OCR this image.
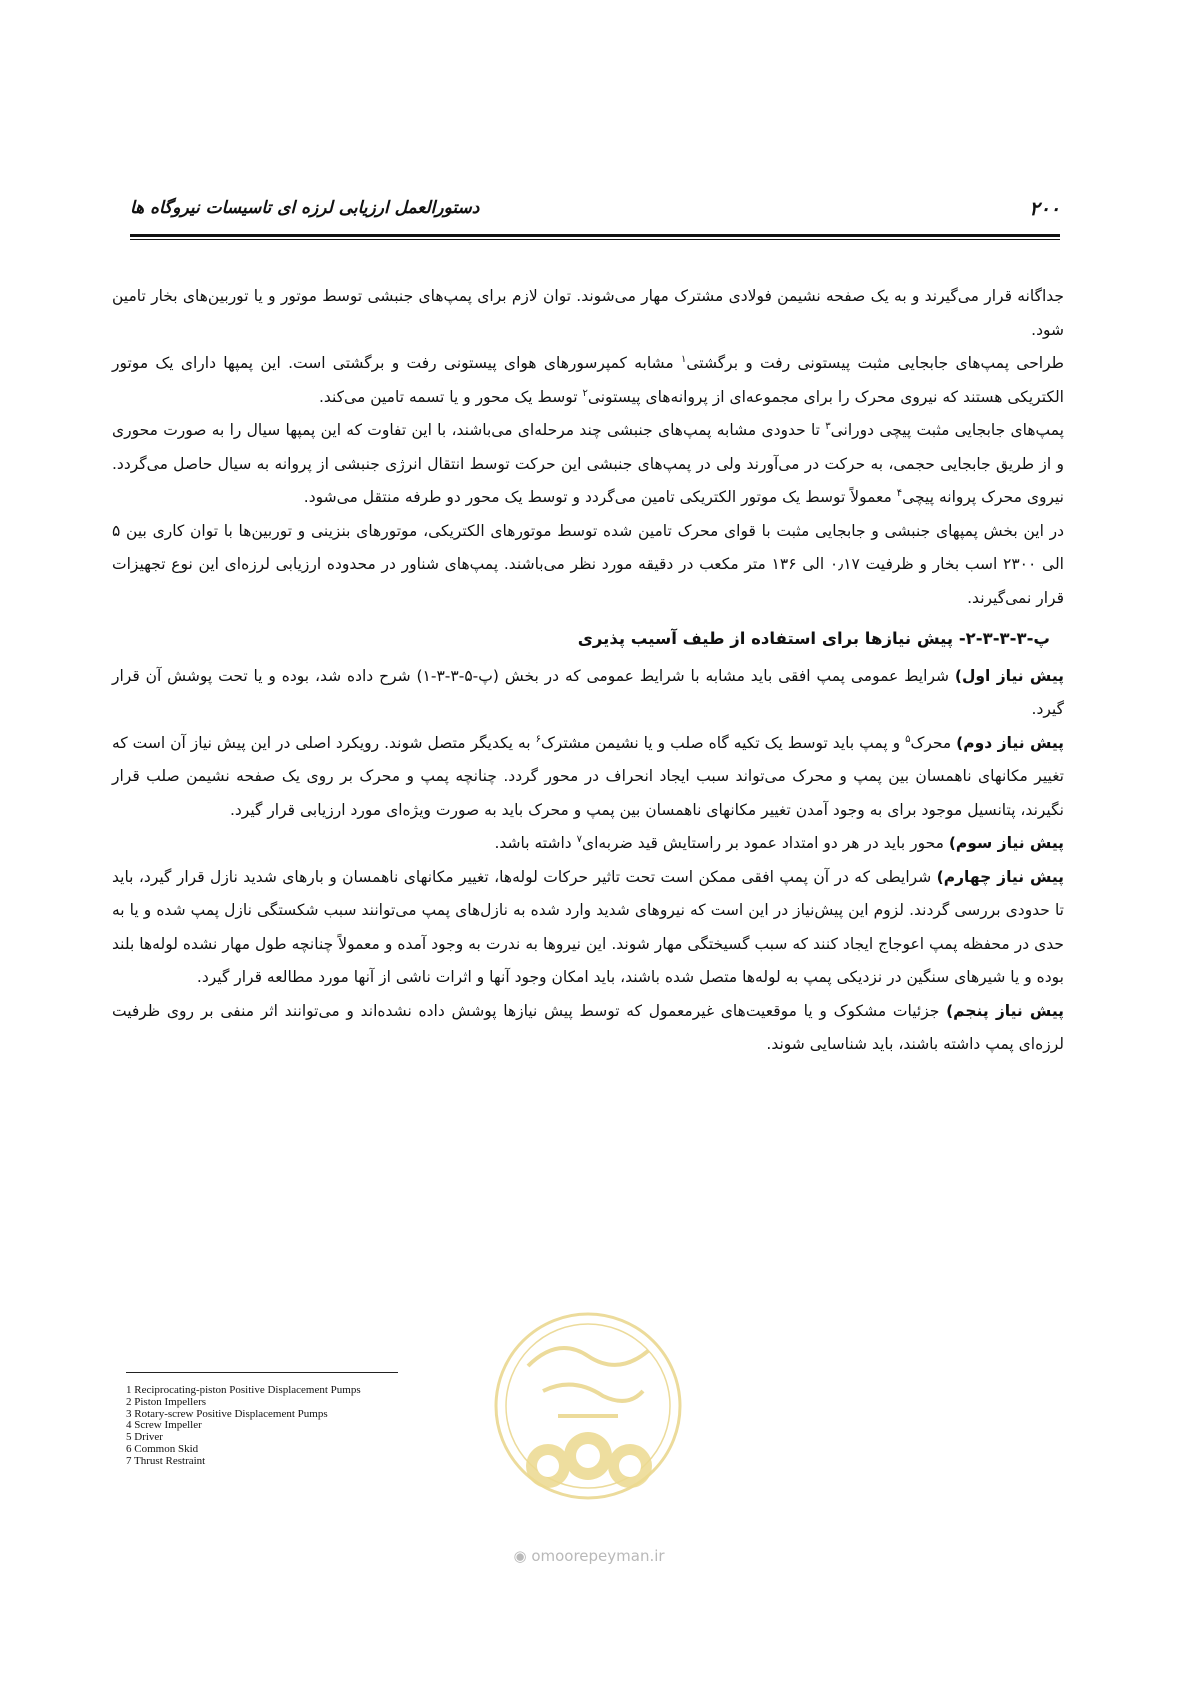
۲۰۰
دستورالعمل ارزیابی لرزه ای تاسیسات نیروگاه ها

جداگانه قرار می‌گیرند و به یک صفحه نشیمن فولادی مشترک مهار می‌شوند. توان لازم برای پمپ‌های جنبشی توسط موتور و یا توربین‌های بخار تامین شود.

طراحی پمپ‌های جابجایی مثبت پیستونی رفت و برگشتی$^۱$ مشابه کمپرسورهای هوای پیستونی رفت و برگشتی است. این پمپها دارای یک موتور الکتریکی هستند که نیروی محرک را برای مجموعه‌ای از پروانه‌های پیستونی$^۲$ توسط یک محور و یا تسمه تامین می‌کند.

پمپ‌های جابجایی مثبت پیچی دورانی$^۳$ تا حدودی مشابه پمپ‌های جنبشی چند مرحله‌ای می‌باشند، با این تفاوت که این پمپها سیال را به صورت محوری و از طریق جابجایی حجمی، به حرکت در می‌آورند ولی در پمپ‌های جنبشی این حرکت توسط انتقال انرژی جنبشی از پروانه به سیال حاصل می‌گردد. نیروی محرک پروانه پیچی$^۴$ معمولاً توسط یک موتور الکتریکی تامین می‌گردد و توسط یک محور دو طرفه منتقل می‌شود.

در این بخش پمپهای جنبشی و جابجایی مثبت با قوای محرک تامین شده توسط موتورهای الکتریکی، موتورهای بنزینی و توربین‌ها با توان کاری بین ۵ الی ۲۳۰۰ اسب بخار و ظرفیت ۰٫۱۷ الی ۱۳۶ متر مکعب در دقیقه مورد نظر می‌باشند. پمپ‌های شناور در محدوده ارزیابی لرزه‌ای این نوع تجهیزات قرار نمی‌گیرند.

پ-۳-۳-۳-۲- پیش نیازها برای استفاده از طیف آسیب پذیری

پیش نیاز اول) شرایط عمومی پمپ افقی باید مشابه با شرایط عمومی که در بخش (پ-۵-۳-۳-۱) شرح داده شد، بوده و یا تحت پوشش آن قرار گیرد.

پیش نیاز دوم) محرک$^۵$ و پمپ باید توسط یک تکیه گاه صلب و یا نشیمن مشترک$^۶$ به یکدیگر متصل شوند. رویکرد اصلی در این پیش نیاز آن است که تغییر مکانهای ناهمسان بین پمپ و محرک می‌تواند سبب ایجاد انحراف در محور گردد. چنانچه پمپ و محرک بر روی یک صفحه نشیمن صلب قرار نگیرند، پتانسیل موجود برای به وجود آمدن تغییر مکانهای ناهمسان بین پمپ و محرک باید به صورت ویژه‌ای مورد ارزیابی قرار گیرد.

پیش نیاز سوم) محور باید در هر دو امتداد عمود بر راستایش قید ضربه‌ای$^۷$ داشته باشد.

پیش نیاز چهارم) شرایطی که در آن پمپ افقی ممکن است تحت تاثیر حرکات لوله‌ها، تغییر مکانهای ناهمسان و بارهای شدید نازل قرار گیرد، باید تا حدودی بررسی گردند. لزوم این پیش‌نیاز در این است که نیروهای شدید وارد شده به نازل‌های پمپ می‌توانند سبب شکستگی نازل پمپ شده و یا به حدی در محفظه پمپ اعوجاج ایجاد کنند که سبب گسیختگی مهار شوند. این نیروها به ندرت به وجود آمده و معمولاً چنانچه طول مهار نشده لوله‌ها بلند بوده و یا شیرهای سنگین در نزدیکی پمپ به لوله‌ها متصل شده باشند، باید امکان وجود آنها و اثرات ناشی از آنها مورد مطالعه قرار گیرد.

پیش نیاز پنجم) جزئیات مشکوک و یا موقعیت‌های غیرمعمول که توسط پیش نیازها پوشش داده نشده‌اند و می‌توانند اثر منفی بر روی ظرفیت لرزه‌ای پمپ داشته باشند، باید شناسایی شوند.

1 Reciprocating-piston Positive Displacement Pumps
2 Piston Impellers
3 Rotary-screw Positive Displacement Pumps
4 Screw Impeller
5 Driver
6 Common Skid
7 Thrust Restraint
◉ omoorepeyman.ir
